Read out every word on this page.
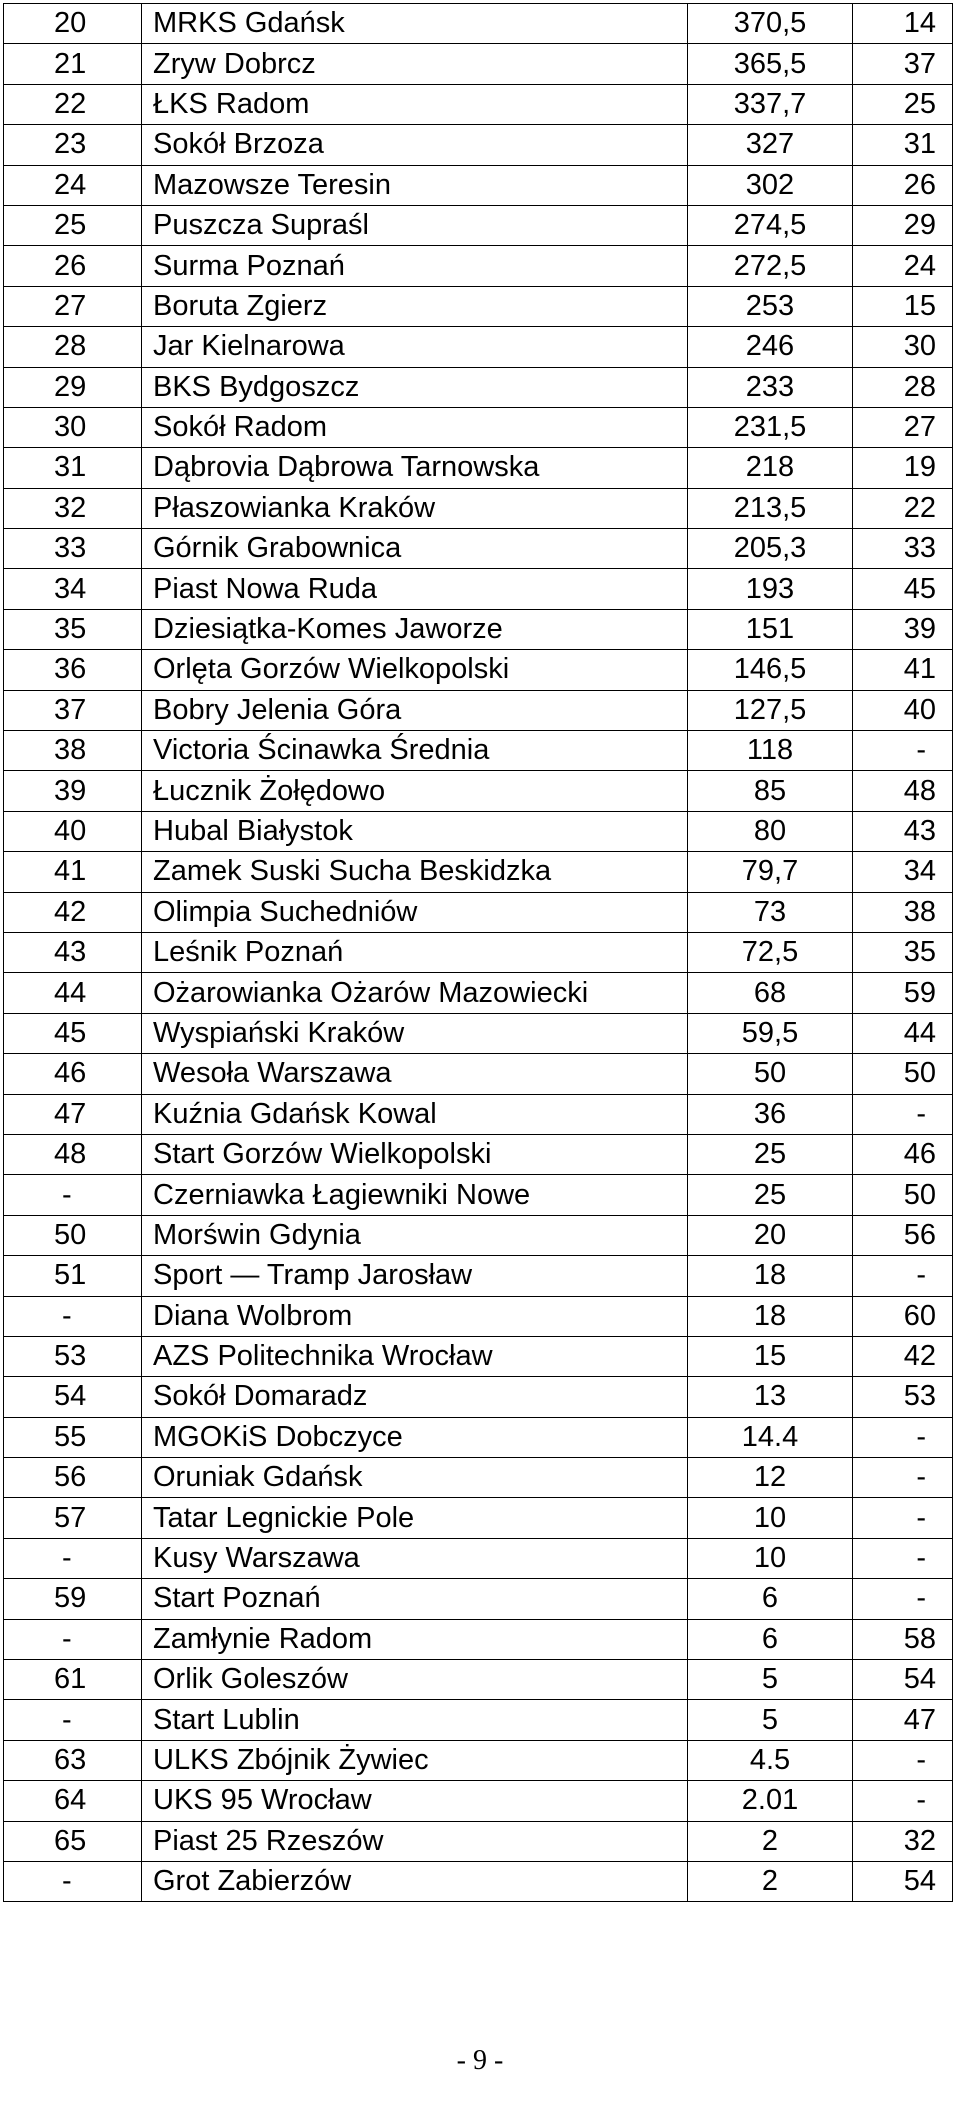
20	MRKS Gdańsk	370,5	14
21	Zryw Dobrcz	365,5	37
22	ŁKS Radom	337,7	25
23	Sokół Brzoza	327	31
24	Mazowsze Teresin	302	26
25	Puszcza Supraśl	274,5	29
26	Surma Poznań	272,5	24
27	Boruta Zgierz	253	15
28	Jar Kielnarowa	246	30
29	BKS Bydgoszcz	233	28
30	Sokół Radom	231,5	27
31	Dąbrovia Dąbrowa Tarnowska	218	19
32	Płaszowianka Kraków	213,5	22
33	Górnik Grabownica	205,3	33
34	Piast Nowa Ruda	193	45
35	Dziesiątka-Komes Jaworze	151	39
36	Orlęta Gorzów Wielkopolski	146,5	41
37	Bobry Jelenia Góra	127,5	40
38	Victoria Ścinawka Średnia	118	-
39	Łucznik Żołędowo	85	48
40	Hubal Białystok	80	43
41	Zamek Suski Sucha Beskidzka	79,7	34
42	Olimpia Suchedniów	73	38
43	Leśnik Poznań	72,5	35
44	Ożarowianka Ożarów Mazowiecki	68	59
45	Wyspiański Kraków	59,5	44
46	Wesoła Warszawa	50	50
47	Kuźnia Gdańsk Kowal	36	-
48	Start Gorzów Wielkopolski	25	46
-	Czerniawka Łagiewniki Nowe	25	50
50	Morświn Gdynia	20	56
51	Sport — Tramp Jarosław	18	-
-	Diana Wolbrom	18	60
53	AZS Politechnika Wrocław	15	42
54	Sokół Domaradz	13	53
55	MGOKiS Dobczyce	14.4	-
56	Oruniak Gdańsk	12	-
57	Tatar Legnickie Pole	10	-
-	Kusy Warszawa	10	-
59	Start Poznań	6	-
-	Zamłynie Radom	6	58
61	Orlik Goleszów	5	54
-	Start Lublin	5	47
63	ULKS Zbójnik Żywiec	4.5	-
64	UKS 95 Wrocław	2.01	-
65	Piast 25 Rzeszów	2	32
-	Grot Zabierzów	2	54
- 9 -
